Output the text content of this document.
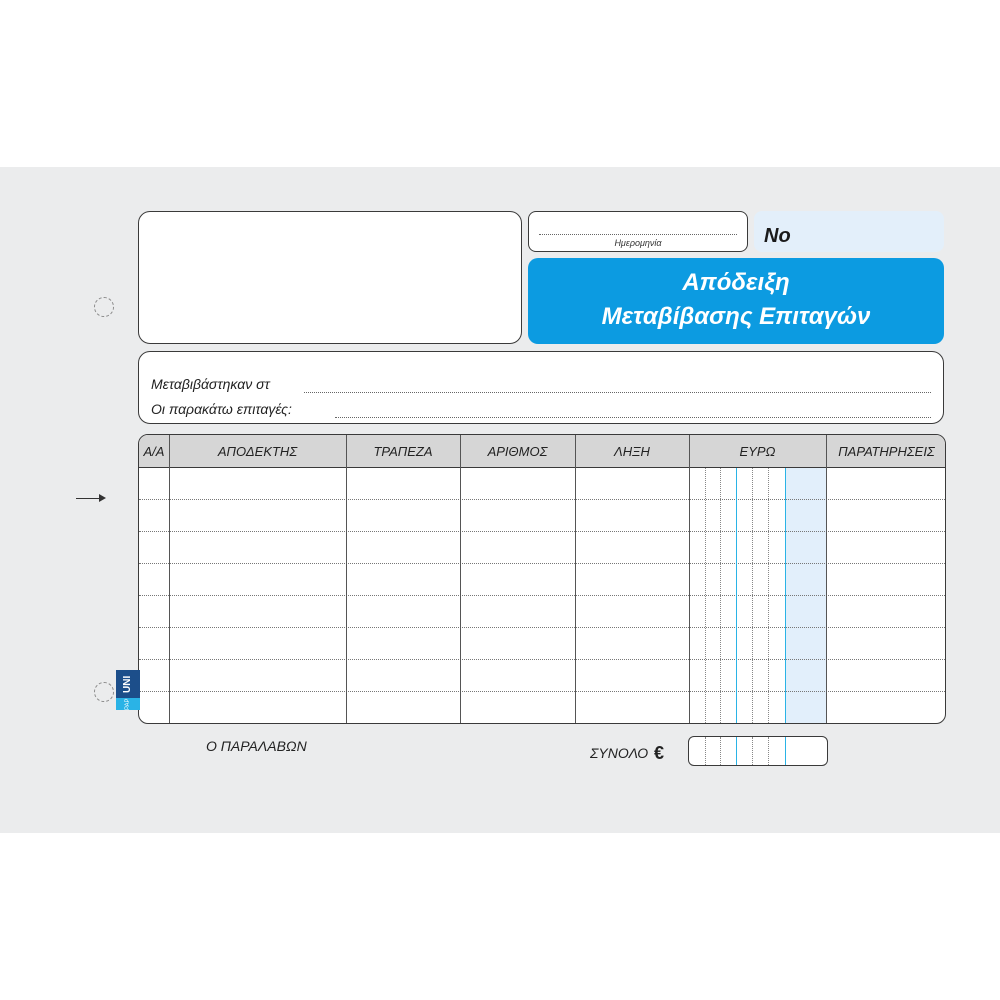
Ημερομηνία	No
Απόδειξη
Μεταβίβασης Επιταγών
Μεταβιβάστηκαν στ
Οι παρακάτω επιταγές:
Α/Α	ΑΠΟΔΕΚΤΗΣ	ΤΡΑΠΕΖΑ	ΑΡΙΘΜΟΣ	ΛΗΞΗ	ΕΥΡΩ	ΠΑΡΑΤΗΡΗΣΕΙΣ
Ο ΠΑΡΑΛΑΒΩΝ	ΣΥΝΟΛΟ €
UNI
PAP
